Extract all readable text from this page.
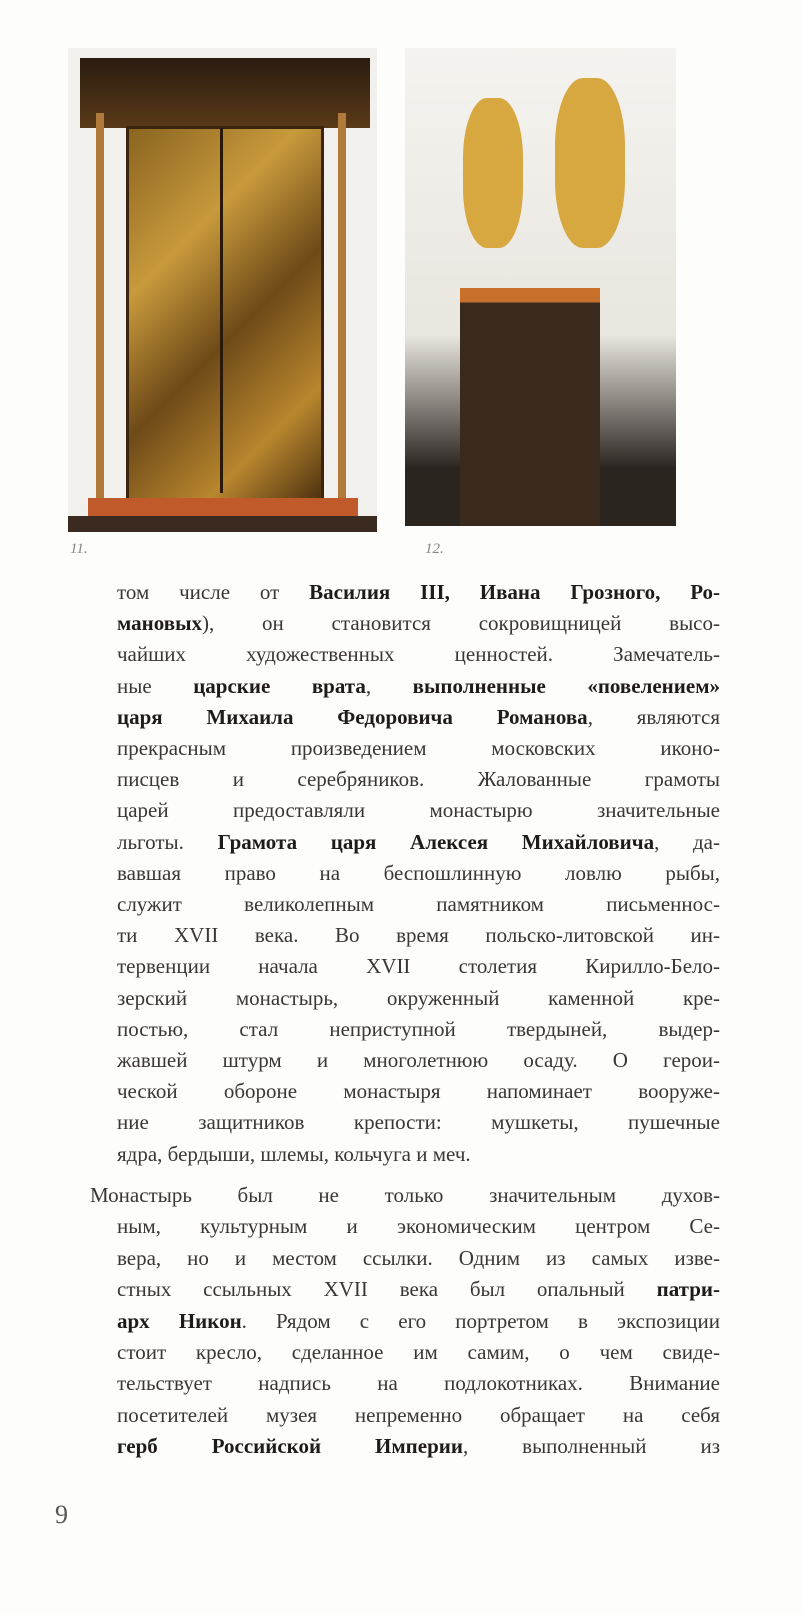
11.	12.
том числе от Василия III, Ивана Грозного, Ро-
мановых), он становится сокровищницей высо-
чайших художественных ценностей. Замечатель-
ные царские врата, выполненные «повелением»
царя Михаила Федоровича Романова, являются
прекрасным произведением московских иконо-
писцев и серебряников. Жалованные грамоты
царей предоставляли монастырю значительные
льготы. Грамота царя Алексея Михайловича, да-
вавшая право на беспошлинную ловлю рыбы,
служит великолепным памятником письменнос-
ти XVII века. Во время польско-литовской ин-
тервенции начала XVII столетия Кирилло-Бело-
зерский монастырь, окруженный каменной кре-
постью, стал неприступной твердыней, выдер-
жавшей штурм и многолетнюю осаду. О герои-
ческой обороне монастыря напоминает вооруже-
ние защитников крепости: мушкеты, пушечные
ядра, бердыши, шлемы, кольчуга и меч.
Монастырь был не только значительным духов-
ным, культурным и экономическим центром Се-
вера, но и местом ссылки. Одним из самых изве-
стных ссыльных XVII века был опальный патри-
арх Никон. Рядом с его портретом в экспозиции
стоит кресло, сделанное им самим, о чем свиде-
тельствует надпись на подлокотниках. Внимание
посетителей музея непременно обращает на себя
герб Российской Империи, выполненный из
9
